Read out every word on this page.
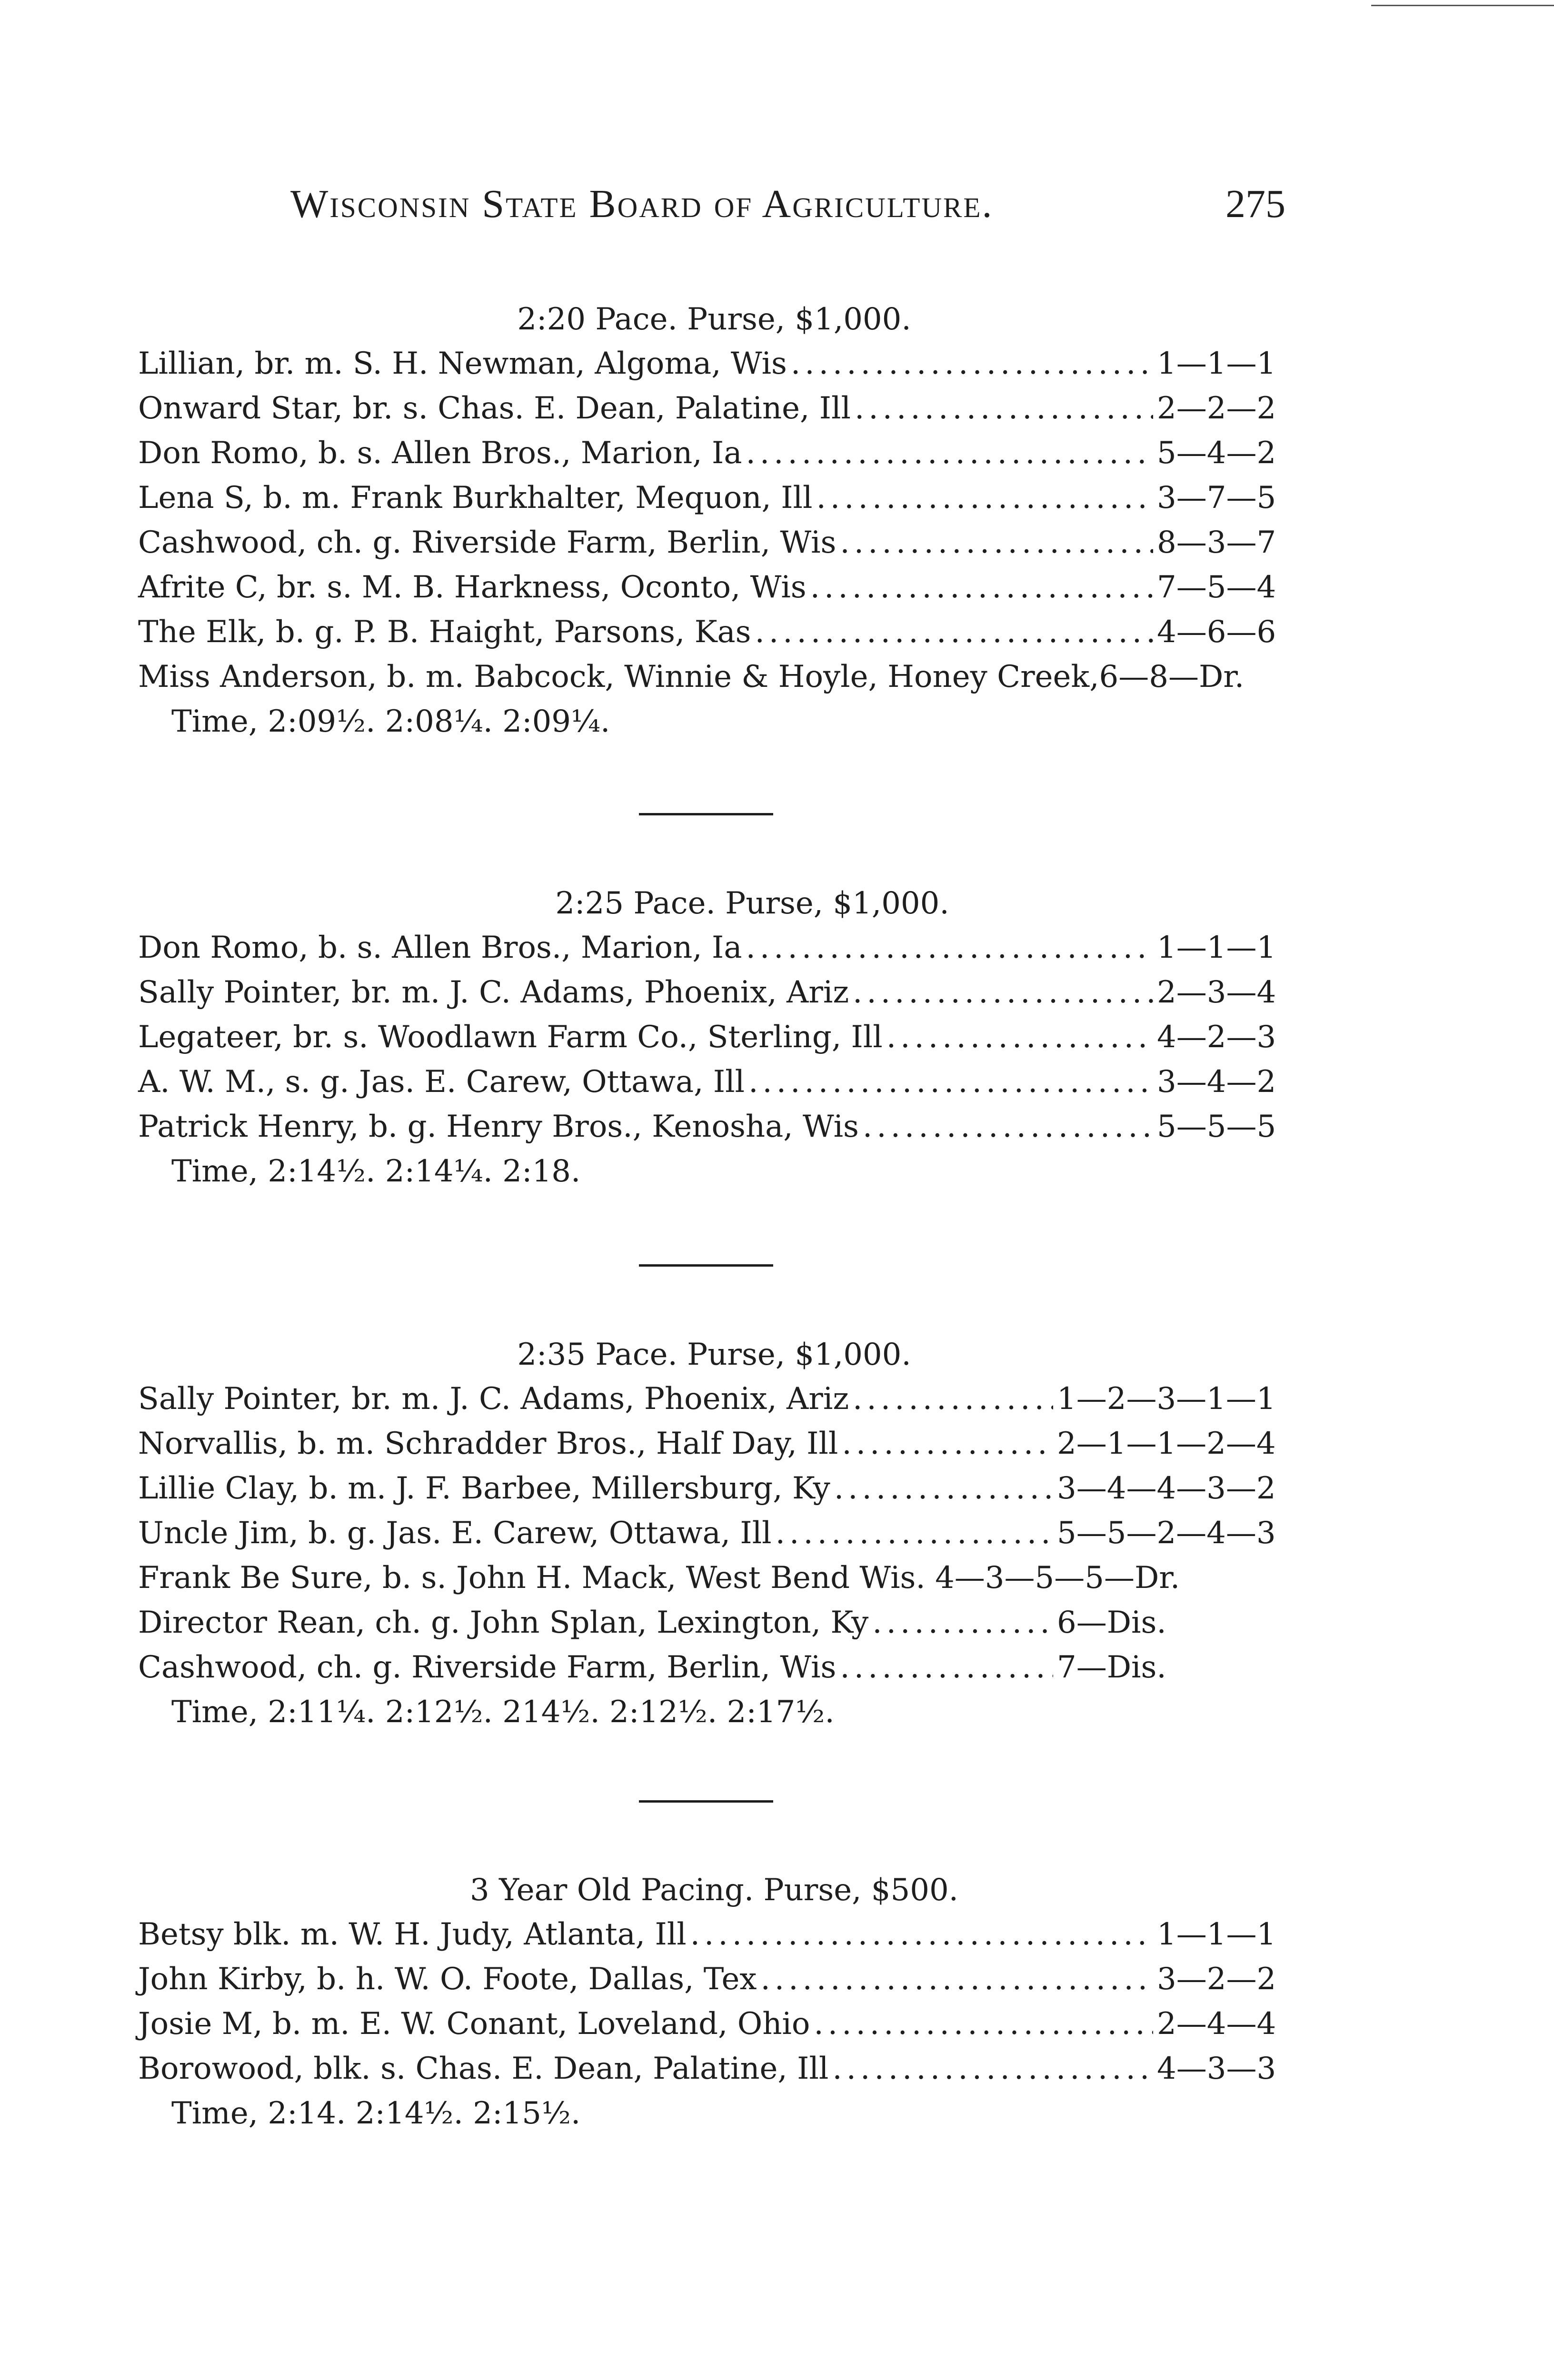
Wisconsin State Board of Agriculture.	275
2:20 Pace. Purse, $1,000.
Lillian, br. m. S. H. Newman, Algoma, Wis .....	1—1—1
Onward Star, br. s. Chas. E. Dean, Palatine, Ill .....	2—2—2
Don Romo, b. s. Allen Bros., Marion, Ia .....	5—4—2
Lena S, b. m. Frank Burkhalter, Mequon, Ill .....	3—7—5
Cashwood, ch. g. Riverside Farm, Berlin, Wis .....	8—3—7
Afrite C, br. s. M. B. Harkness, Oconto, Wis .....	7—5—4
The Elk, b. g. P. B. Haight, Parsons, Kas .....	4—6—6
Miss Anderson, b. m. Babcock, Winnie & Hoyle, Honey Creek,6—8—Dr.
Time, 2:09½. 2:08¼. 2:09¼.
2:25 Pace. Purse, $1,000.
Don Romo, b. s. Allen Bros., Marion, Ia .....	1—1—1
Sally Pointer, br. m. J. C. Adams, Phoenix, Ariz .....	2—3—4
Legateer, br. s. Woodlawn Farm Co., Sterling, Ill .....	4—2—3
A. W. M., s. g. Jas. E. Carew, Ottawa, Ill .....	3—4—2
Patrick Henry, b. g. Henry Bros., Kenosha, Wis .....	5—5—5
Time, 2:14½. 2:14¼. 2:18.
2:35 Pace. Purse, $1,000.
Sally Pointer, br. m. J. C. Adams, Phoenix, Ariz .....	1—2—3—1—1
Norvallis, b. m. Schradder Bros., Half Day, Ill .....	2—1—1—2—4
Lillie Clay, b. m. J. F. Barbee, Millersburg, Ky .....	3—4—4—3—2
Uncle Jim, b. g. Jas. E. Carew, Ottawa, Ill .....	5—5—2—4—3
Frank Be Sure, b. s. John H. Mack, West Bend Wis. 4—3—5—5—Dr.
Director Rean, ch. g. John Splan, Lexington, Ky .....	6—Dis.
Cashwood, ch. g. Riverside Farm, Berlin, Wis .....	7—Dis.
Time, 2:11¼. 2:12½. 214½. 2:12½. 2:17½.
3 Year Old Pacing. Purse, $500.
Betsy blk. m. W. H. Judy, Atlanta, Ill .....	1—1—1
John Kirby, b. h. W. O. Foote, Dallas, Tex .....	3—2—2
Josie M, b. m. E. W. Conant, Loveland, Ohio .....	2—4—4
Borowood, blk. s. Chas. E. Dean, Palatine, Ill .....	4—3—3
Time, 2:14. 2:14½. 2:15½.
